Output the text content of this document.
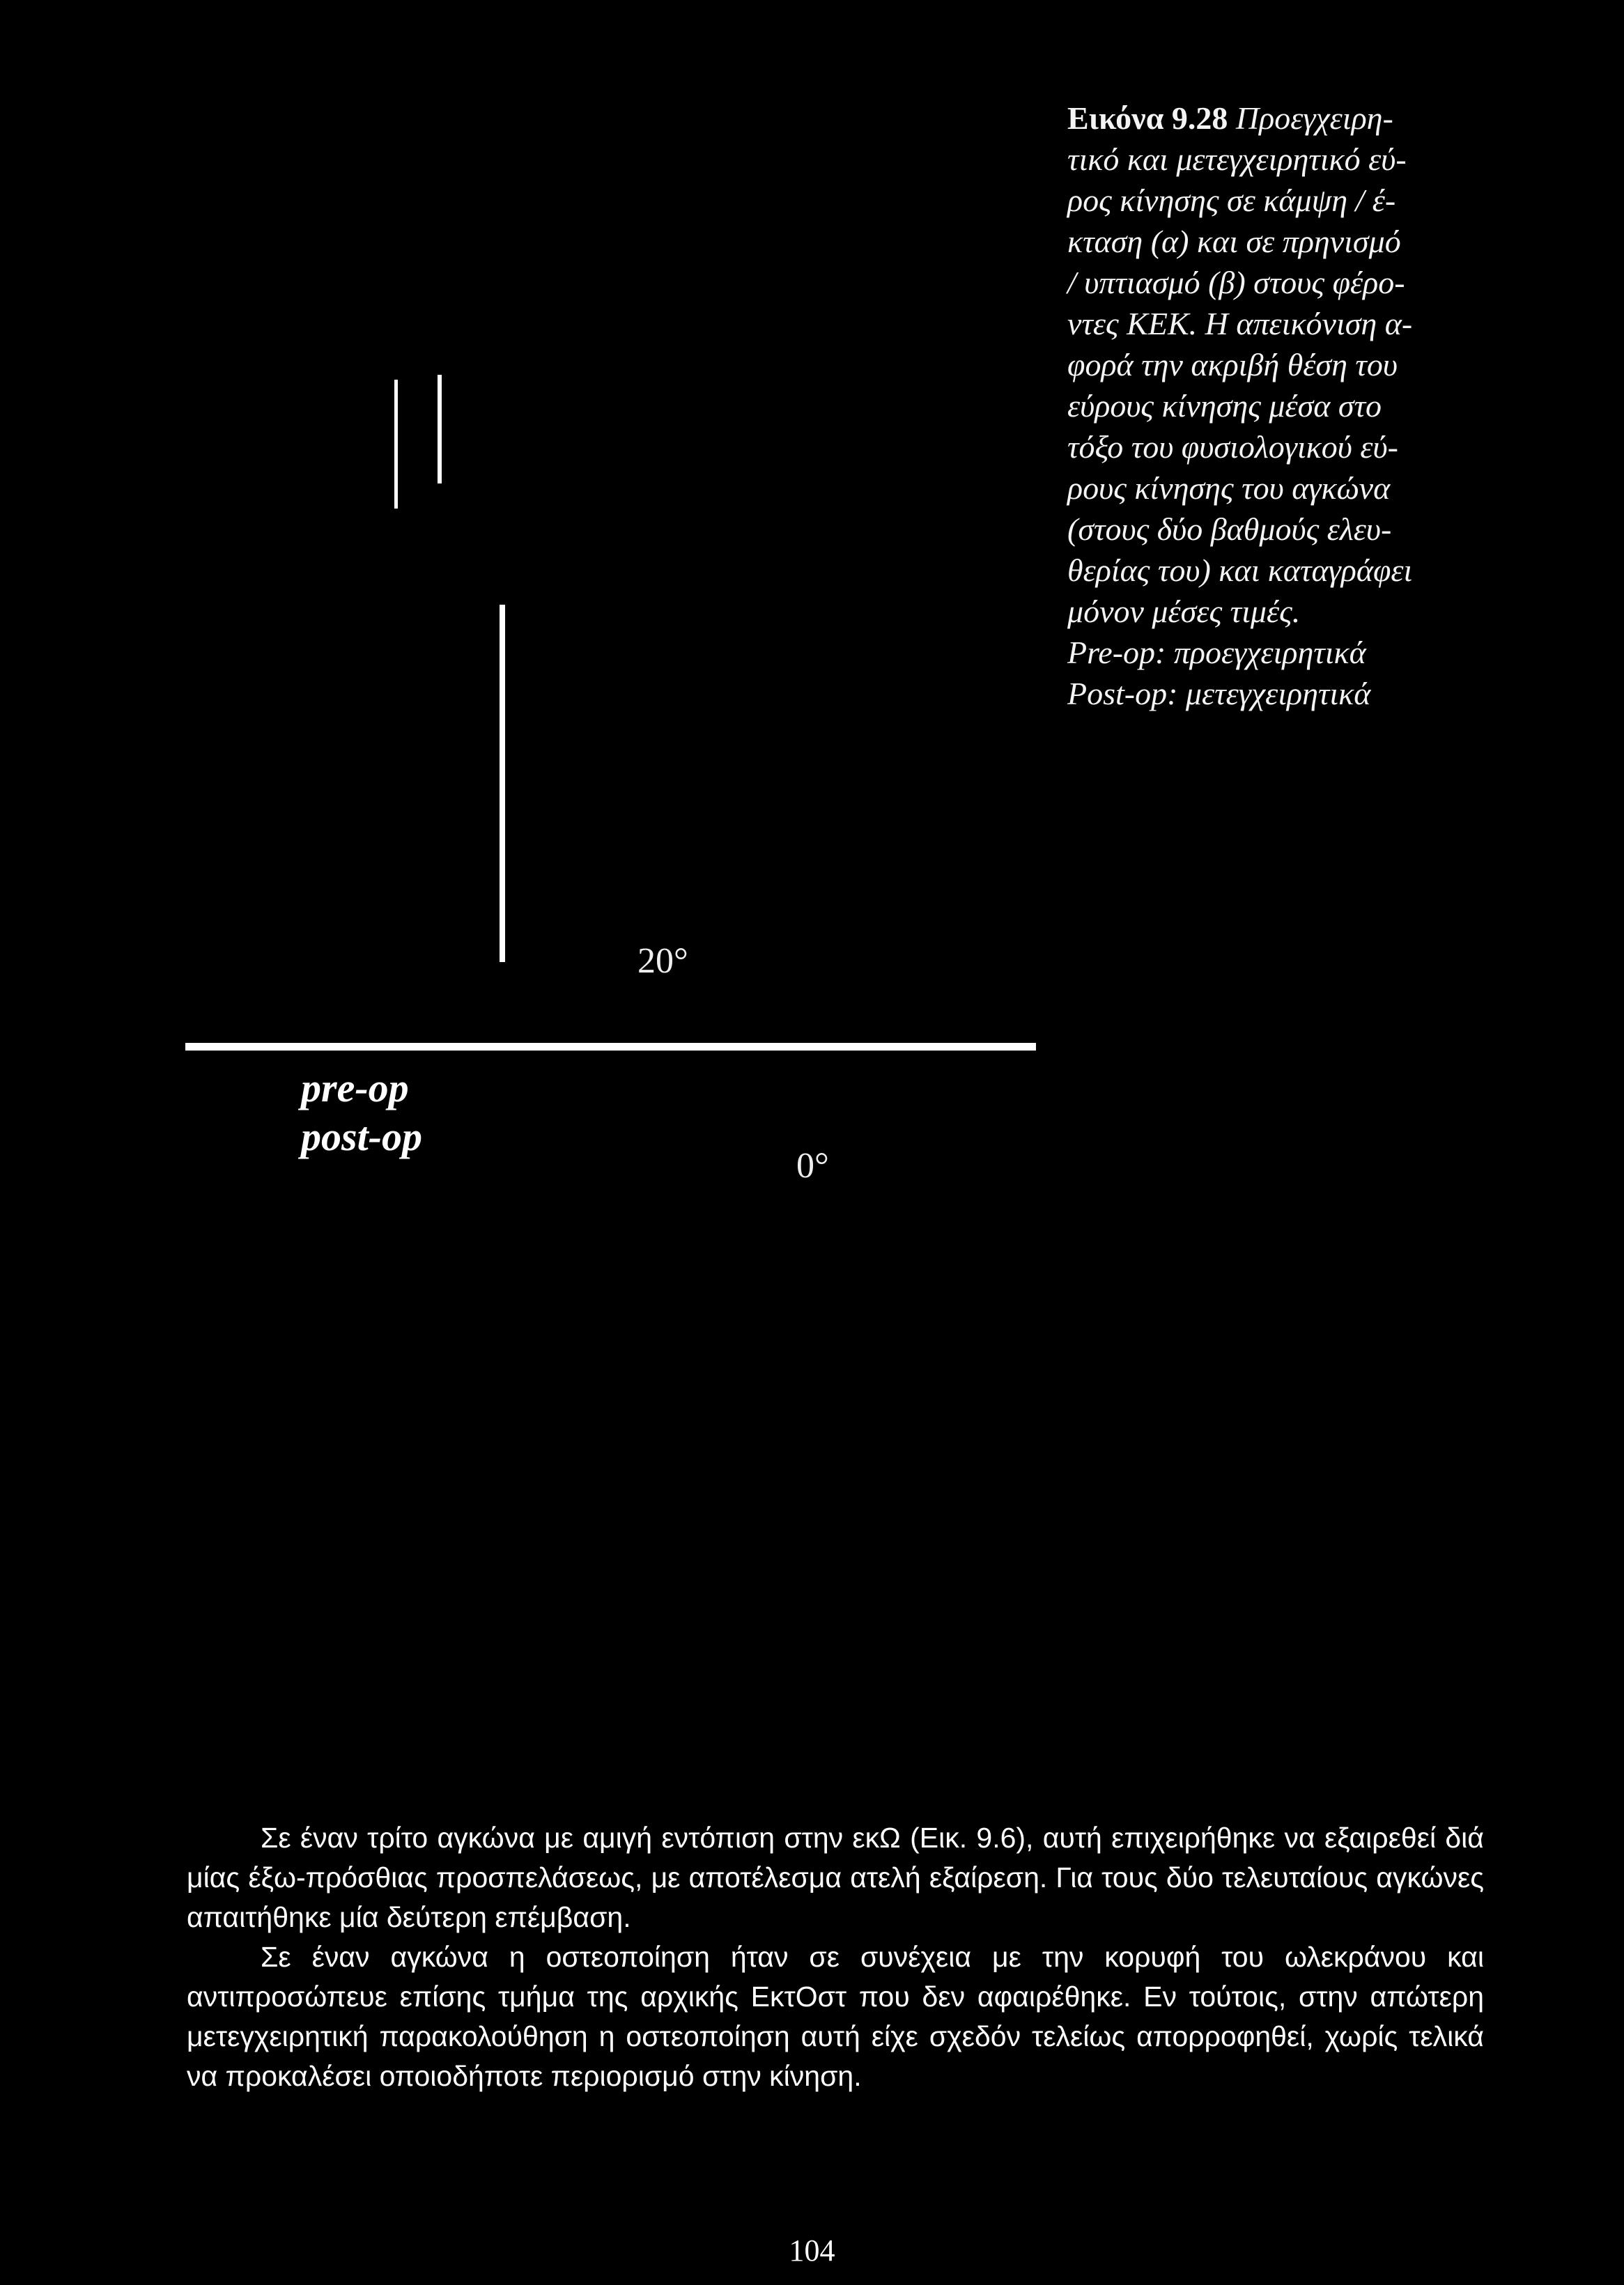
Εικόνα 9.28 Προεγχειρη-
τικό και μετεγχειρητικό εύ-
ρος κίνησης σε κάμψη / έ-
κταση (α) και σε πρηνισμό
/ υπτιασμό (β) στους φέρο-
ντες ΚΕΚ. Η απεικόνιση α-
φορά την ακριβή θέση του
εύρους κίνησης μέσα στο
τόξο του φυσιολογικού εύ-
ρους κίνησης του αγκώνα
(στους δύο βαθμούς ελευ-
θερίας του) και καταγράφει
μόνον μέσες τιμές.
Pre-op: προεγχειρητικά
Post-op: μετεγχειρητικά
20°
pre-op
post-op
0°

Σε έναν τρίτο αγκώνα με αμιγή εντόπιση στην εκΩ (Εικ. 9.6), αυτή επιχειρήθηκε να εξαιρεθεί διά μίας έξω-πρόσθιας προσπελάσεως, με αποτέλεσμα ατελή εξαίρεση. Για τους δύο τελευταίους αγκώνες απαιτήθηκε μία δεύτερη επέμβαση.

Σε έναν αγκώνα η οστεοποίηση ήταν σε συνέχεια με την κορυφή του ωλεκράνου και αντιπροσώπευε επίσης τμήμα της αρχικής ΕκτΟστ που δεν αφαιρέθηκε. Εν τούτοις, στην απώτερη μετεγχειρητική παρακολούθηση η οστεοποίηση αυτή είχε σχεδόν τελείως απορροφηθεί, χωρίς τελικά να προκαλέσει οποιοδήποτε περιορισμό στην κίνηση.

104
